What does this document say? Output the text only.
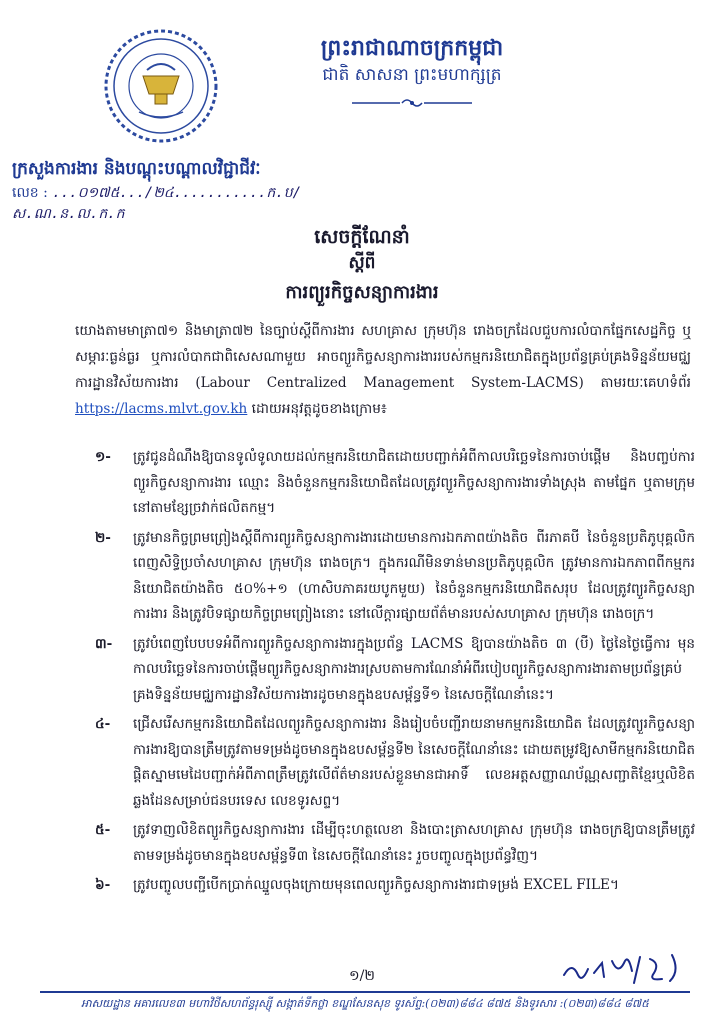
ព្រះរាជាណាចក្រកម្ពុជា
ជាតិ សាសនា ព្រះមហាក្សត្រ
ក្រសួងការងារ និងបណ្តុះបណ្តាលវិជ្ជាជីវៈ
លេខ : ...០១៧៥.../២៤...........ក.ប/ស.ណ.ន.ល.ក.ក
សេចក្តីណែនាំ
ស្តីពី
ការព្យួរកិច្ចសន្យាការងារ
យោងតាមមាត្រា៧១ និងមាត្រា៧២ នៃច្បាប់ស្តីពីការងារ សហគ្រាស ក្រុមហ៊ុន រោងចក្រដែលជួបការលំបាកផ្នែកសេដ្ឋកិច្ច ឬសម្ភារៈធ្ងន់ធ្ងរ ឬការលំបាកជាពិសេសណាមួយ អាចព្យួរកិច្ចសន្យាការងាររបស់កម្មករនិយោជិតក្នុងប្រព័ន្ធគ្រប់គ្រងទិន្នន័យមជ្ឈការដ្ឋានវិស័យការងារ (Labour Centralized Management System-LACMS) តាមរយៈគេហទំព័រ https://lacms.mlvt.gov.kh ដោយអនុវត្តដូចខាងក្រោម៖
១- ត្រូវជូនដំណឹងឱ្យបានទូលំទូលាយដល់កម្មករនិយោជិតដោយបញ្ជាក់អំពីកាលបរិច្ឆេទនៃការចាប់ផ្តើម និងបញ្ចប់ការព្យួរកិច្ចសន្យាការងារ ឈ្មោះ និងចំនួនកម្មករនិយោជិតដែលត្រូវព្យួរកិច្ចសន្យាការងារទាំងស្រុង តាមផ្នែក ឬតាមក្រុម នៅតាមខ្សែច្រវាក់ផលិតកម្ម។
២- ត្រូវមានកិច្ចព្រមព្រៀងស្តីពីការព្យួរកិច្ចសន្យាការងារដោយមានការឯកភាពយ៉ាងតិច ពីរភាគបី នៃចំនួនប្រតិភូបុគ្គលិកពេញសិទ្ធិប្រចាំសហគ្រាស ក្រុមហ៊ុន រោងចក្រ។ ក្នុងករណីមិនទាន់មានប្រតិភូបុគ្គលិក ត្រូវមានការឯកភាពពីកម្មករនិយោជិតយ៉ាងតិច ៥០%+១ (ហាសិបភាគរយបូកមួយ) នៃចំនួនកម្មករនិយោជិតសរុប ដែលត្រូវព្យួរកិច្ចសន្យាការងារ និងត្រូវបិទផ្សាយកិច្ចព្រមព្រៀងនោះ នៅលើក្តារផ្សាយព័ត៌មានរបស់សហគ្រាស ក្រុមហ៊ុន រោងចក្រ។
៣- ត្រូវបំពេញបែបបទអំពីការព្យួរកិច្ចសន្យាការងារក្នុងប្រព័ន្ធ LACMS ឱ្យបានយ៉ាងតិច ៣ (បី) ថ្ងៃនៃថ្ងៃធ្វើការ មុនកាលបរិច្ឆេទនៃការចាប់ផ្តើមព្យួរកិច្ចសន្យាការងារស្របតាមការណែនាំអំពីរបៀបព្យួរកិច្ចសន្យាការងារតាមប្រព័ន្ធគ្រប់គ្រងទិន្នន័យមជ្ឈការដ្ឋានវិស័យការងារដូចមានក្នុងឧបសម្ព័ន្ធទី១ នៃសេចក្តីណែនាំនេះ។
៤- ជ្រើសរើសកម្មករនិយោជិតដែលព្យួរកិច្ចសន្យាការងារ និងរៀបចំបញ្ជីរាយនាមកម្មករនិយោជិត ដែលត្រូវព្យួរកិច្ចសន្យាការងារឱ្យបានត្រឹមត្រូវតាមទម្រង់ដូចមានក្នុងឧបសម្ព័ន្ធទី២ នៃសេចក្តីណែនាំនេះ ដោយតម្រូវឱ្យសាមីកម្មករនិយោជិតផ្តិតស្នាមមេដៃបញ្ជាក់អំពីភាពត្រឹមត្រូវលើព័ត៌មានរបស់ខ្លួនមានជាអាទិ៍ លេខអត្តសញ្ញាណប័ណ្ណសញ្ជាតិខ្មែរឬលិខិតឆ្លងដែនសម្រាប់ជនបរទេស លេខទូរសព្ទ។
៥- ត្រូវទាញលិខិតព្យួរកិច្ចសន្យាការងារ ដើម្បីចុះហត្ថលេខា និងបោះត្រាសហគ្រាស ក្រុមហ៊ុន រោងចក្រឱ្យបានត្រឹមត្រូវតាមទម្រង់ដូចមានក្នុងឧបសម្ព័ន្ធទី៣ នៃសេចក្តីណែនាំនេះ រួចបញ្ចូលក្នុងប្រព័ន្ធវិញ។
៦- ត្រូវបញ្ចូលបញ្ជីបើកប្រាក់ឈ្នួលចុងក្រោយមុនពេលព្យួរកិច្ចសន្យាការងារជាទម្រង់ EXCEL FILE។
១/២
អាសយដ្ឋាន អគារលេខ៣ មហាវិថីសហព័ន្ធរុស្ស៊ី សង្កាត់ទឹកថ្លា ខណ្ឌសែនសុខ ទូរស័ព្ទ:(០២៣)៨៨៤ ៨៧៥ និងទូរសារ :(០២៣)៨៨៤ ៨៧៥
